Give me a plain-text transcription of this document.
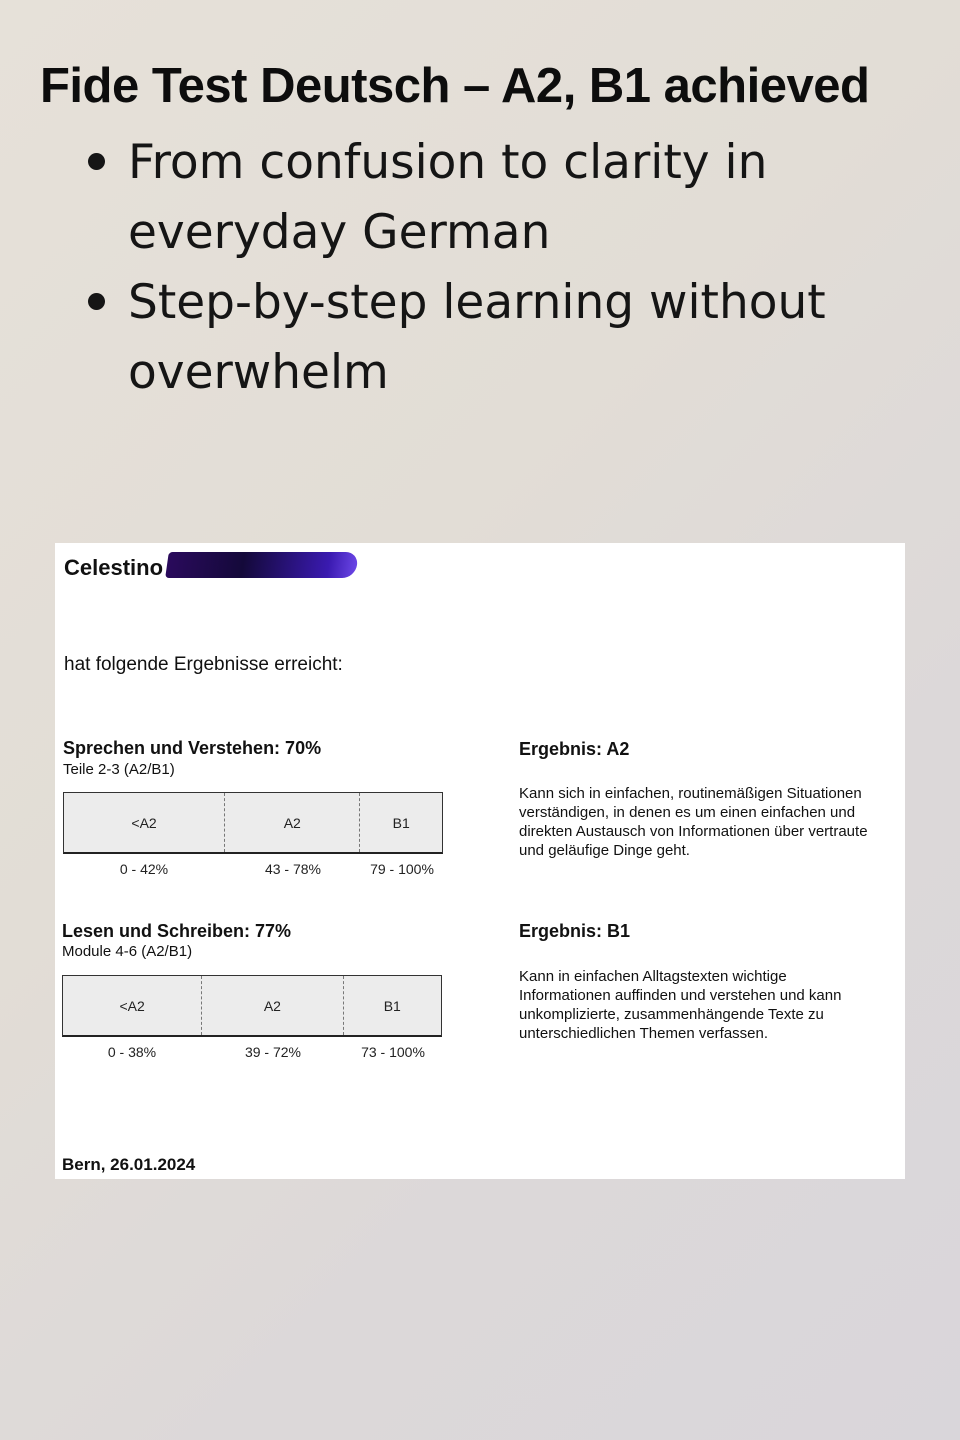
Fide Test Deutsch – A2, B1 achieved
From confusion to clarity in everyday German
Step-by-step learning without overwhelm
Celestino
hat folgende Ergebnisse erreicht:
Sprechen und Verstehen: 70%
Teile 2-3 (A2/B1)
<A2	A2	B1
0 - 42%	43 - 78%	79 - 100%
Ergebnis: A2
Kann sich in einfachen, routinemäßigen Situationen verständigen, in denen es um einen einfachen und direkten Austausch von Informationen über vertraute und geläufige Dinge geht.
Lesen und Schreiben: 77%
Module 4-6 (A2/B1)
<A2	A2	B1
0 - 38%	39 - 72%	73 - 100%
Ergebnis: B1
Kann in einfachen Alltagstexten wichtige Informationen auffinden und verstehen und kann unkomplizierte, zusammenhängende Texte zu unterschiedlichen Themen verfassen.
Bern, 26.01.2024
